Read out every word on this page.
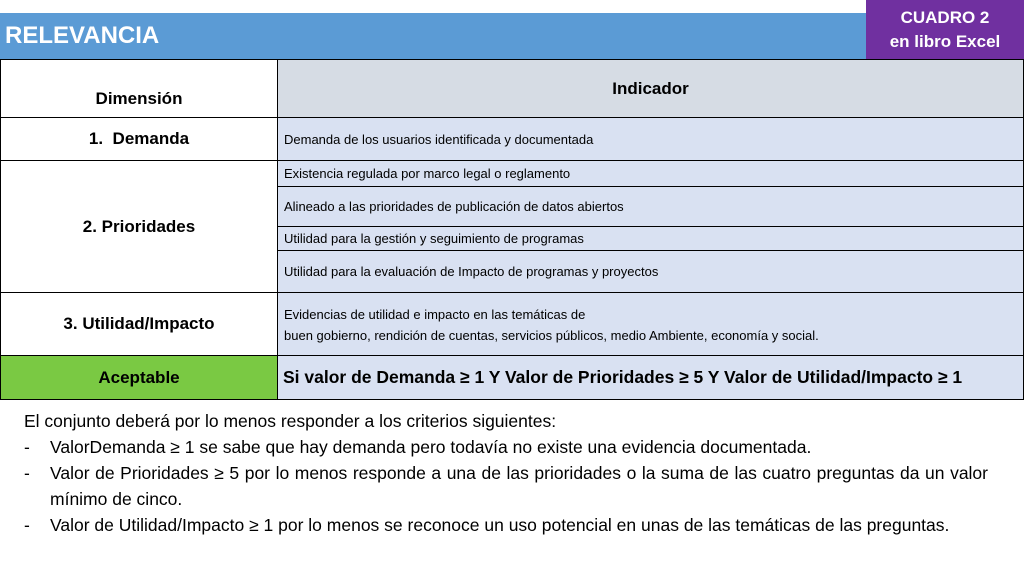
RELEVANCIA
CUADRO 2
en libro Excel
Dimensión	Indicador
1.  Demanda	Demanda de los usuarios identificada y documentada
2. Prioridades	Existencia regulada por marco legal o reglamento
	Alineado a las prioridades de publicación de datos abiertos
	Utilidad para la gestión y seguimiento de programas
	Utilidad para la evaluación de Impacto de programas y proyectos
3. Utilidad/Impacto	Evidencias de utilidad e impacto en las temáticas de
buen gobierno, rendición de cuentas, servicios públicos, medio Ambiente, economía y social.

Aceptable	Si valor de Demanda ≥ 1 Y Valor de Prioridades ≥ 5 Y Valor de Utilidad/Impacto ≥ 1

El conjunto deberá por lo menos responder a los criterios siguientes:

-	ValorDemanda ≥ 1 se sabe que hay demanda pero todavía no existe una evidencia documentada.
-	Valor de Prioridades ≥ 5 por lo menos responde a una de las prioridades o la suma de las cuatro preguntas da un valor mínimo de cinco.
-	Valor de Utilidad/Impacto ≥ 1 por lo menos se reconoce un uso potencial en unas de las temáticas de las preguntas.
